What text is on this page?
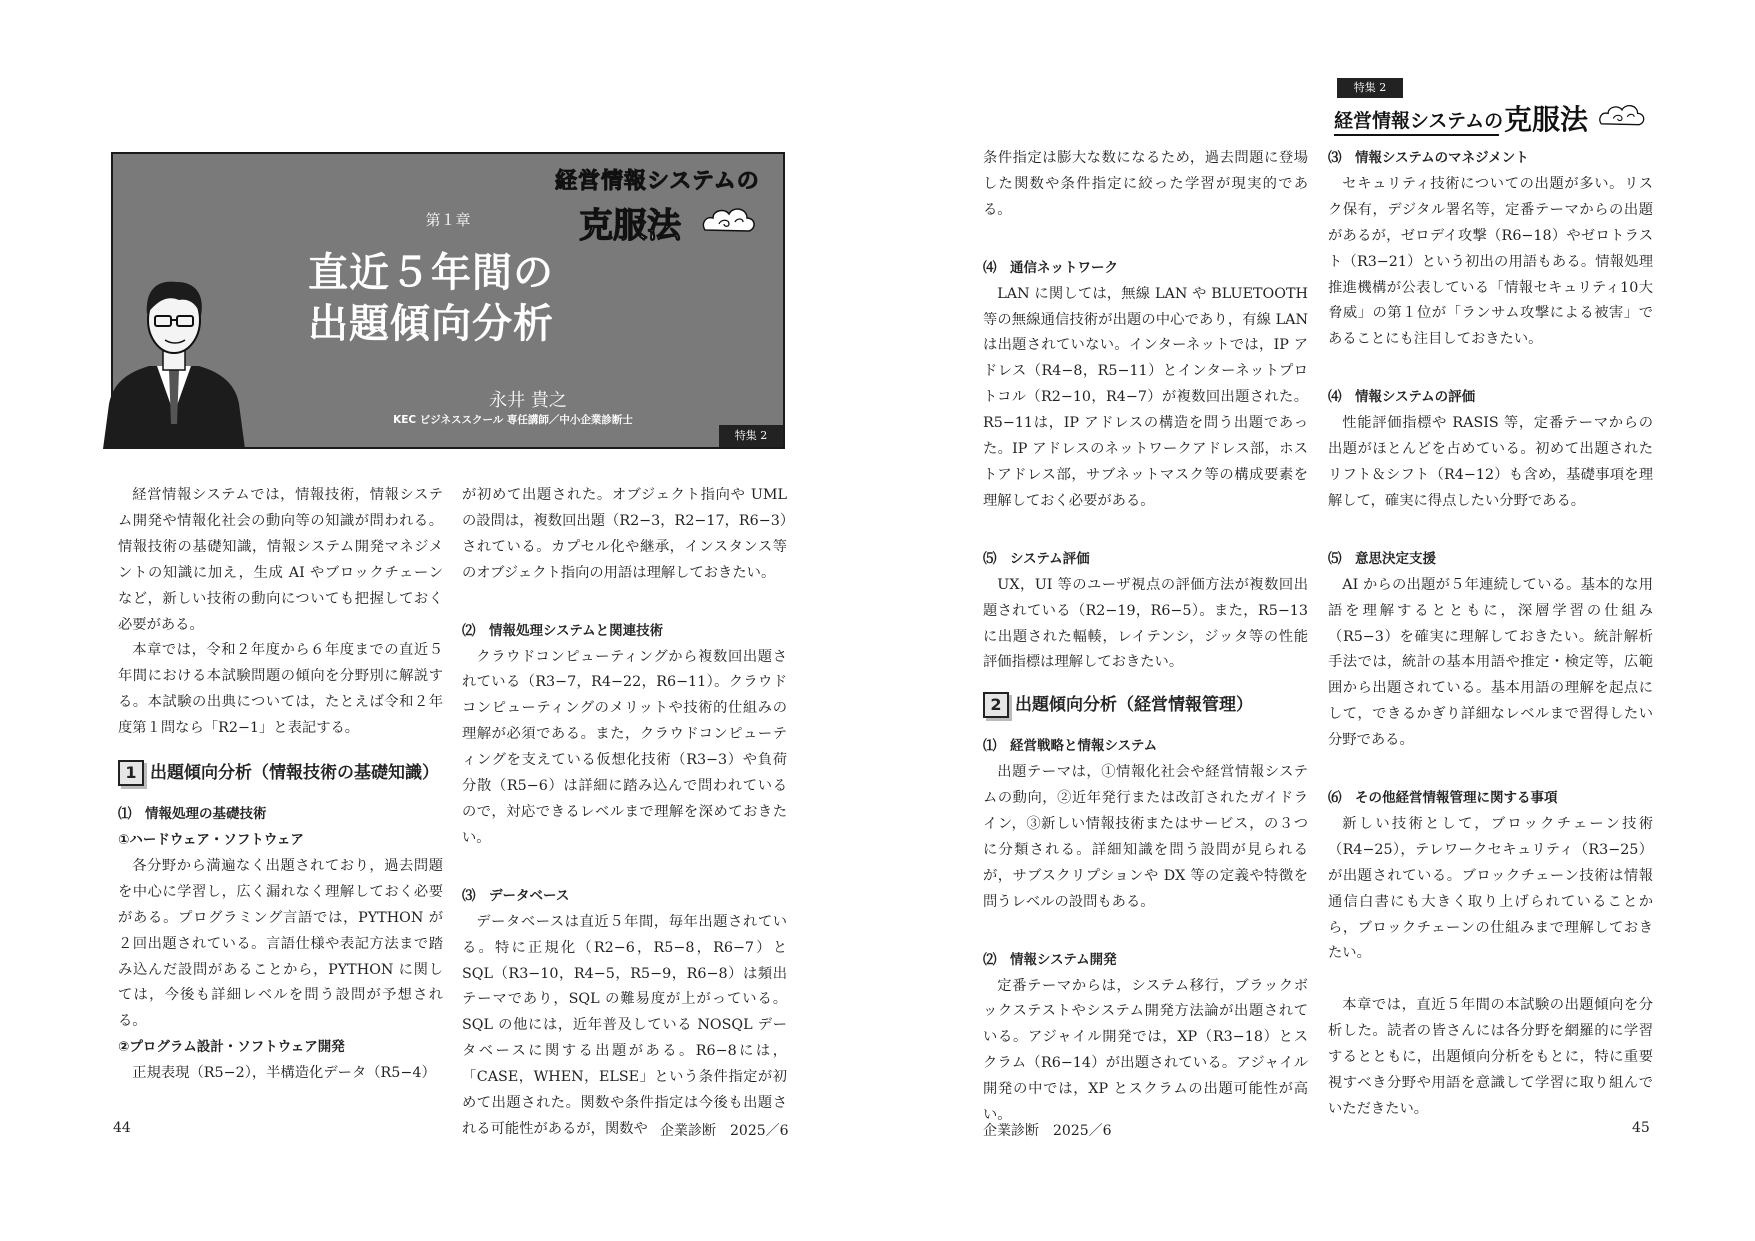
経営情報システムの
克服法
第１章
直近５年間の
出題傾向分析
永井 貴之
KEC ビジネススクール 専任講師／中小企業診断士
特集 2

経営情報システムでは，情報技術，情報システム開発や情報化社会の動向等の知識が問われる。情報技術の基礎知識，情報システム開発マネジメントの知識に加え，生成 AI やブロックチェーンなど，新しい技術の動向についても把握しておく必要がある。

本章では，令和２年度から６年度までの直近５年間における本試験問題の傾向を分野別に解説する。本試験の出典については，たとえば令和２年度第１問なら「R2−1」と表記する。

1 出題傾向分析（情報技術の基礎知識）
⑴　情報処理の基礎技術
①ハードウェア・ソフトウェア

各分野から満遍なく出題されており，過去問題を中心に学習し，広く漏れなく理解しておく必要がある。プログラミング言語では，PYTHON が２回出題されている。言語仕様や表記方法まで踏み込んだ設問があることから，PYTHON に関しては，今後も詳細レベルを問う設問が予想される。

②プログラム設計・ソフトウェア開発

正規表現（R5−2），半構造化データ（R5−4）

が初めて出題された。オブジェクト指向や UML の設問は，複数回出題（R2−3，R2−17，R6−3）されている。カプセル化や継承，インスタンス等のオブジェクト指向の用語は理解しておきたい。

⑵　情報処理システムと関連技術

クラウドコンピューティングから複数回出題されている（R3−7，R4−22，R6−11）。クラウドコンピューティングのメリットや技術的仕組みの理解が必須である。また，クラウドコンピューティングを支えている仮想化技術（R3−3）や負荷分散（R5−6）は詳細に踏み込んで問われているので，対応できるレベルまで理解を深めておきたい。

⑶　データベース

データベースは直近５年間，毎年出題されている。特に正規化（R2−6，R5−8，R6−7）と SQL（R3−10，R4−5，R5−9，R6−8）は頻出テーマであり，SQL の難易度が上がっている。SQL の他には，近年普及している NOSQL データベースに関する出題がある。R6−8には，「CASE，WHEN，ELSE」という条件指定が初めて出題された。関数や条件指定は今後も出題される可能性があるが，関数や

44	企業診断　2025／6
特集 2
経営情報システムの 克服法

条件指定は膨大な数になるため，過去問題に登場した関数や条件指定に絞った学習が現実的である。

⑷　通信ネットワーク

LAN に関しては，無線 LAN や BLUETOOTH 等の無線通信技術が出題の中心であり，有線 LAN は出題されていない。インターネットでは，IP アドレス（R4−8，R5−11）とインターネットプロトコル（R2−10，R4−7）が複数回出題された。R5−11は，IP アドレスの構造を問う出題であった。IP アドレスのネットワークアドレス部，ホストアドレス部，サブネットマスク等の構成要素を理解しておく必要がある。

⑸　システム評価

UX，UI 等のユーザ視点の評価方法が複数回出題されている（R2−19，R6−5）。また，R5−13に出題された輻輳，レイテンシ，ジッタ等の性能評価指標は理解しておきたい。

2 出題傾向分析（経営情報管理）
⑴　経営戦略と情報システム

出題テーマは，①情報化社会や経営情報システムの動向，②近年発行または改訂されたガイドライン，③新しい情報技術またはサービス，の３つに分類される。詳細知識を問う設問が見られるが，サブスクリプションや DX 等の定義や特徴を問うレベルの設問もある。

⑵　情報システム開発

定番テーマからは，システム移行，ブラックボックステストやシステム開発方法論が出題されている。アジャイル開発では，XP（R3−18）とスクラム（R6−14）が出題されている。アジャイル開発の中では，XP とスクラムの出題可能性が高い。

⑶　情報システムのマネジメント

セキュリティ技術についての出題が多い。リスク保有，デジタル署名等，定番テーマからの出題があるが，ゼロデイ攻撃（R6−18）やゼロトラスト（R3−21）という初出の用語もある。情報処理推進機構が公表している「情報セキュリティ10大脅威」の第１位が「ランサム攻撃による被害」であることにも注目しておきたい。

⑷　情報システムの評価

性能評価指標や RASIS 等，定番テーマからの出題がほとんどを占めている。初めて出題されたリフト＆シフト（R4−12）も含め，基礎事項を理解して，確実に得点したい分野である。

⑸　意思決定支援

AI からの出題が５年連続している。基本的な用語を理解するとともに，深層学習の仕組み（R5−3）を確実に理解しておきたい。統計解析手法では，統計の基本用語や推定・検定等，広範囲から出題されている。基本用語の理解を起点にして，できるかぎり詳細なレベルまで習得したい分野である。

⑹　その他経営情報管理に関する事項

新しい技術として，ブロックチェーン技術（R4−25），テレワークセキュリティ（R3−25）が出題されている。ブロックチェーン技術は情報通信白書にも大きく取り上げられていることから，ブロックチェーンの仕組みまで理解しておきたい。

本章では，直近５年間の本試験の出題傾向を分析した。読者の皆さんには各分野を網羅的に学習するとともに，出題傾向分析をもとに，特に重要視すべき分野や用語を意識して学習に取り組んでいただきたい。

企業診断　2025／6	45
